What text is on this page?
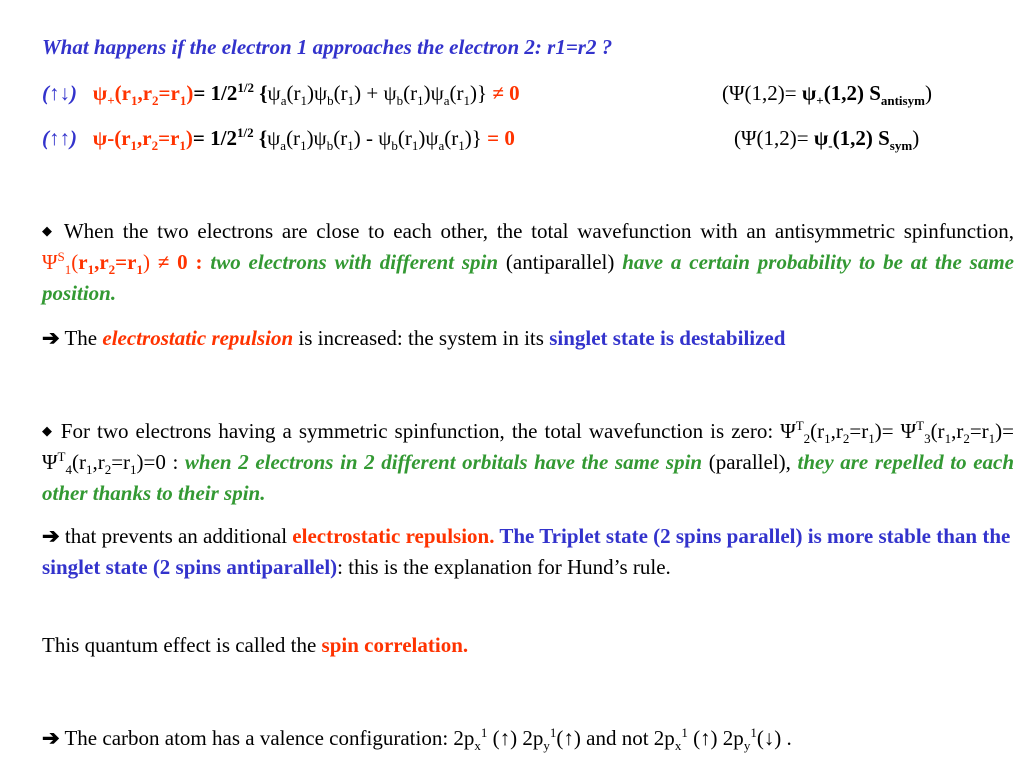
What happens if the electron 1 approaches the electron 2: r1=r2 ?
(↑↓) $\psi_+(r_1,r_2=r_1)= 1/2^{1/2}$ $\{\psi_a(r_1)\psi_b(r_1) + \psi_b(r_1)\psi_a(r_1)\} \ne 0$	($\Psi(1,2)= \psi_+(1,2)$ $S_{antisym}$)
(↑↑) $\psi-(r_1,r_2=r_1)= 1/2^{1/2}$ $\{\psi_a(r_1)\psi_b(r_1) - \psi_b(r_1)\psi_a(r_1)\} = 0$	($\Psi(1,2)= \psi_-(1,2)$ $S_{sym}$)
◆ When the two electrons are close to each other, the total wavefunction with an antisymmetric spinfunction, $\Psi^S_1(r_1,r_2=r_1) \ne 0$ : two electrons with different spin (antiparallel) have a certain probability to be at the same position.
➔ The electrostatic repulsion is increased: the system in its singlet state is destabilized
◆ For two electrons having a symmetric spinfunction, the total wavefunction is zero: $\Psi^T_2(r_1,r_2=r_1)= \Psi^T_3(r_1,r_2=r_1)= \Psi^T_4(r_1,r_2=r_1)=0$ : when 2 electrons in 2 different orbitals have the same spin (parallel), they are repelled to each other thanks to their spin.
➔ that prevents an additional electrostatic repulsion. The Triplet state (2 spins parallel) is more stable than the singlet state (2 spins antiparallel): this is the explanation for Hund’s rule.
This quantum effect is called the spin correlation.
➔ The carbon atom has a valence configuration: $2p_x^1$ (↑) $2p_y^1(↑)$ and not $2p_x^1$ (↑) $2p_y^1(↓)$ .
